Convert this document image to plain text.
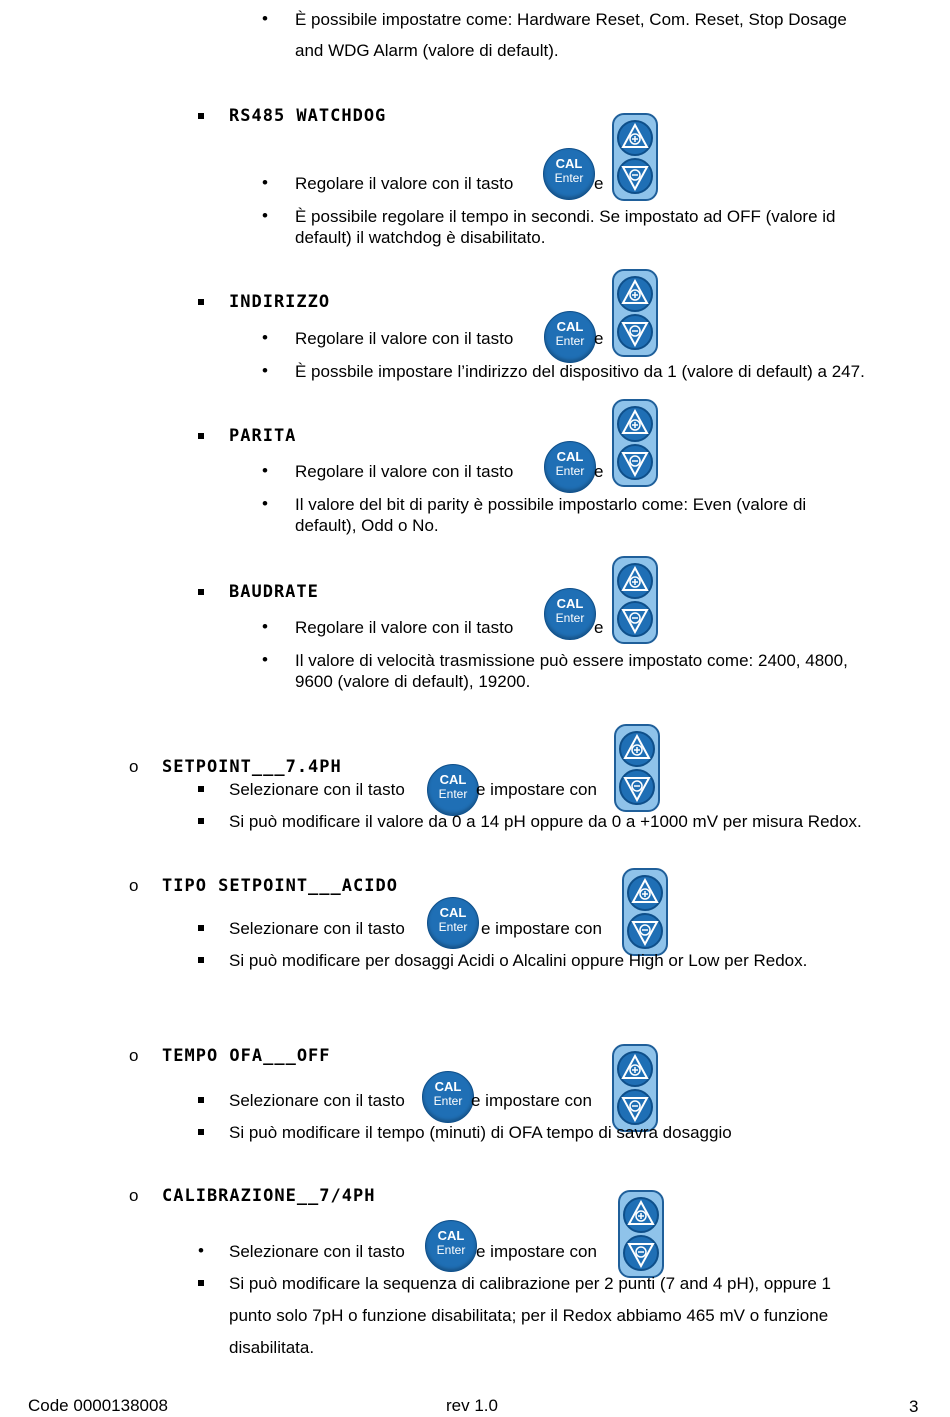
• È possibile impostatre come: Hardware Reset, Com. Reset, Stop Dosage
and WDG Alarm (valore di default).
RS485 WATCHDOG
• Regolare il valore con il tasto
CAL
Enter e
• È possibile regolare il tempo in secondi. Se impostato ad OFF (valore id
default) il watchdog è disabilitato.
INDIRIZZO
• Regolare il valore con il tasto
CAL
Enter e
• È possbile impostare l’indirizzo del dispositivo da 1 (valore di default) a 247.
PARITA
• Regolare il valore con il tasto
CAL
Enter e
• Il valore del bit di parity è possibile impostarlo come: Even (valore di
default), Odd o No.
BAUDRATE
• Regolare il valore con il tasto
CAL
Enter e
• Il valore di velocità trasmissione può essere impostato come: 2400, 4800,
9600 (valore di default), 19200.
o SETPOINT___7.4PH
Selezionare con il tasto
CAL
Enter e impostare con
Si può modificare il valore da 0 a 14 pH oppure da 0 a +1000 mV per misura Redox.
o TIPO SETPOINT___ACIDO
Selezionare con il tasto
CAL
Enter e impostare con
Si può modificare per dosaggi Acidi o Alcalini oppure High or Low per Redox.
o TEMPO OFA___OFF
Selezionare con il tasto
CAL
Enter e impostare con
Si può modificare il tempo (minuti) di OFA tempo di savra dosaggio
o CALIBRAZIONE__7/4PH
• Selezionare con il tasto
CAL
Enter e impostare con
Si può modificare la sequenza di calibrazione per 2 punti (7 and 4 pH), oppure 1
punto solo 7pH o funzione disabilitata; per il Redox abbiamo 465 mV o funzione
disabilitata.
Code 0000138008	rev 1.0	3
